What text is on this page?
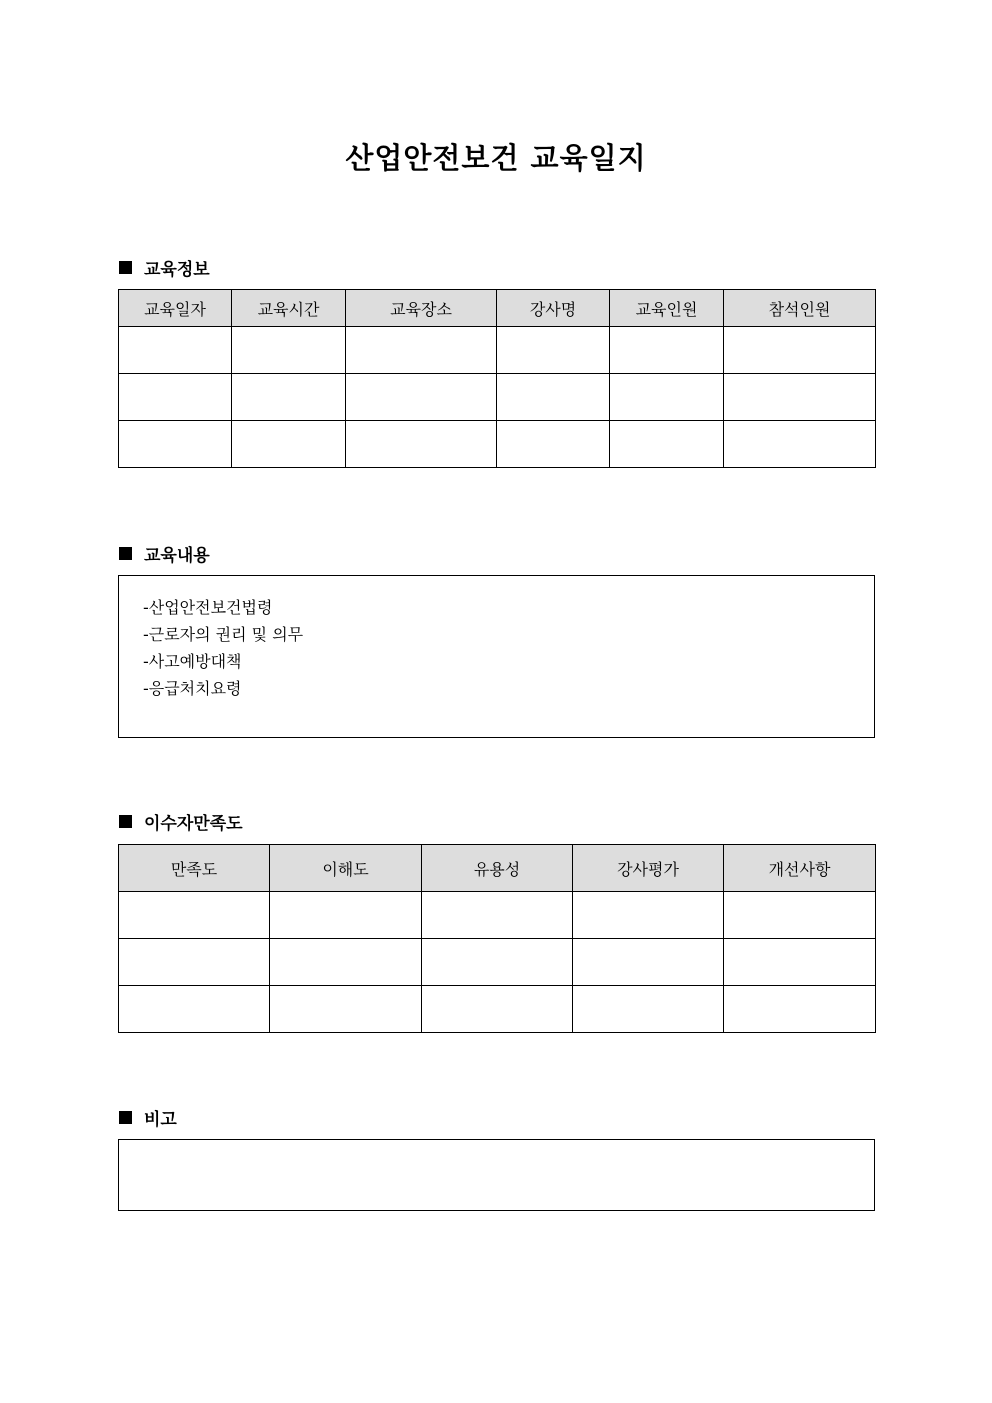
산업안전보건 교육일지
교육정보
교육일자	교육시간	교육장소	강사명	교육인원	참석인원

교육내용
-산업안전보건법령
-근로자의 권리 및 의무
-사고예방대책
-응급처치요령
이수자만족도
만족도	이해도	유용성	강사평가	개선사항

비고
